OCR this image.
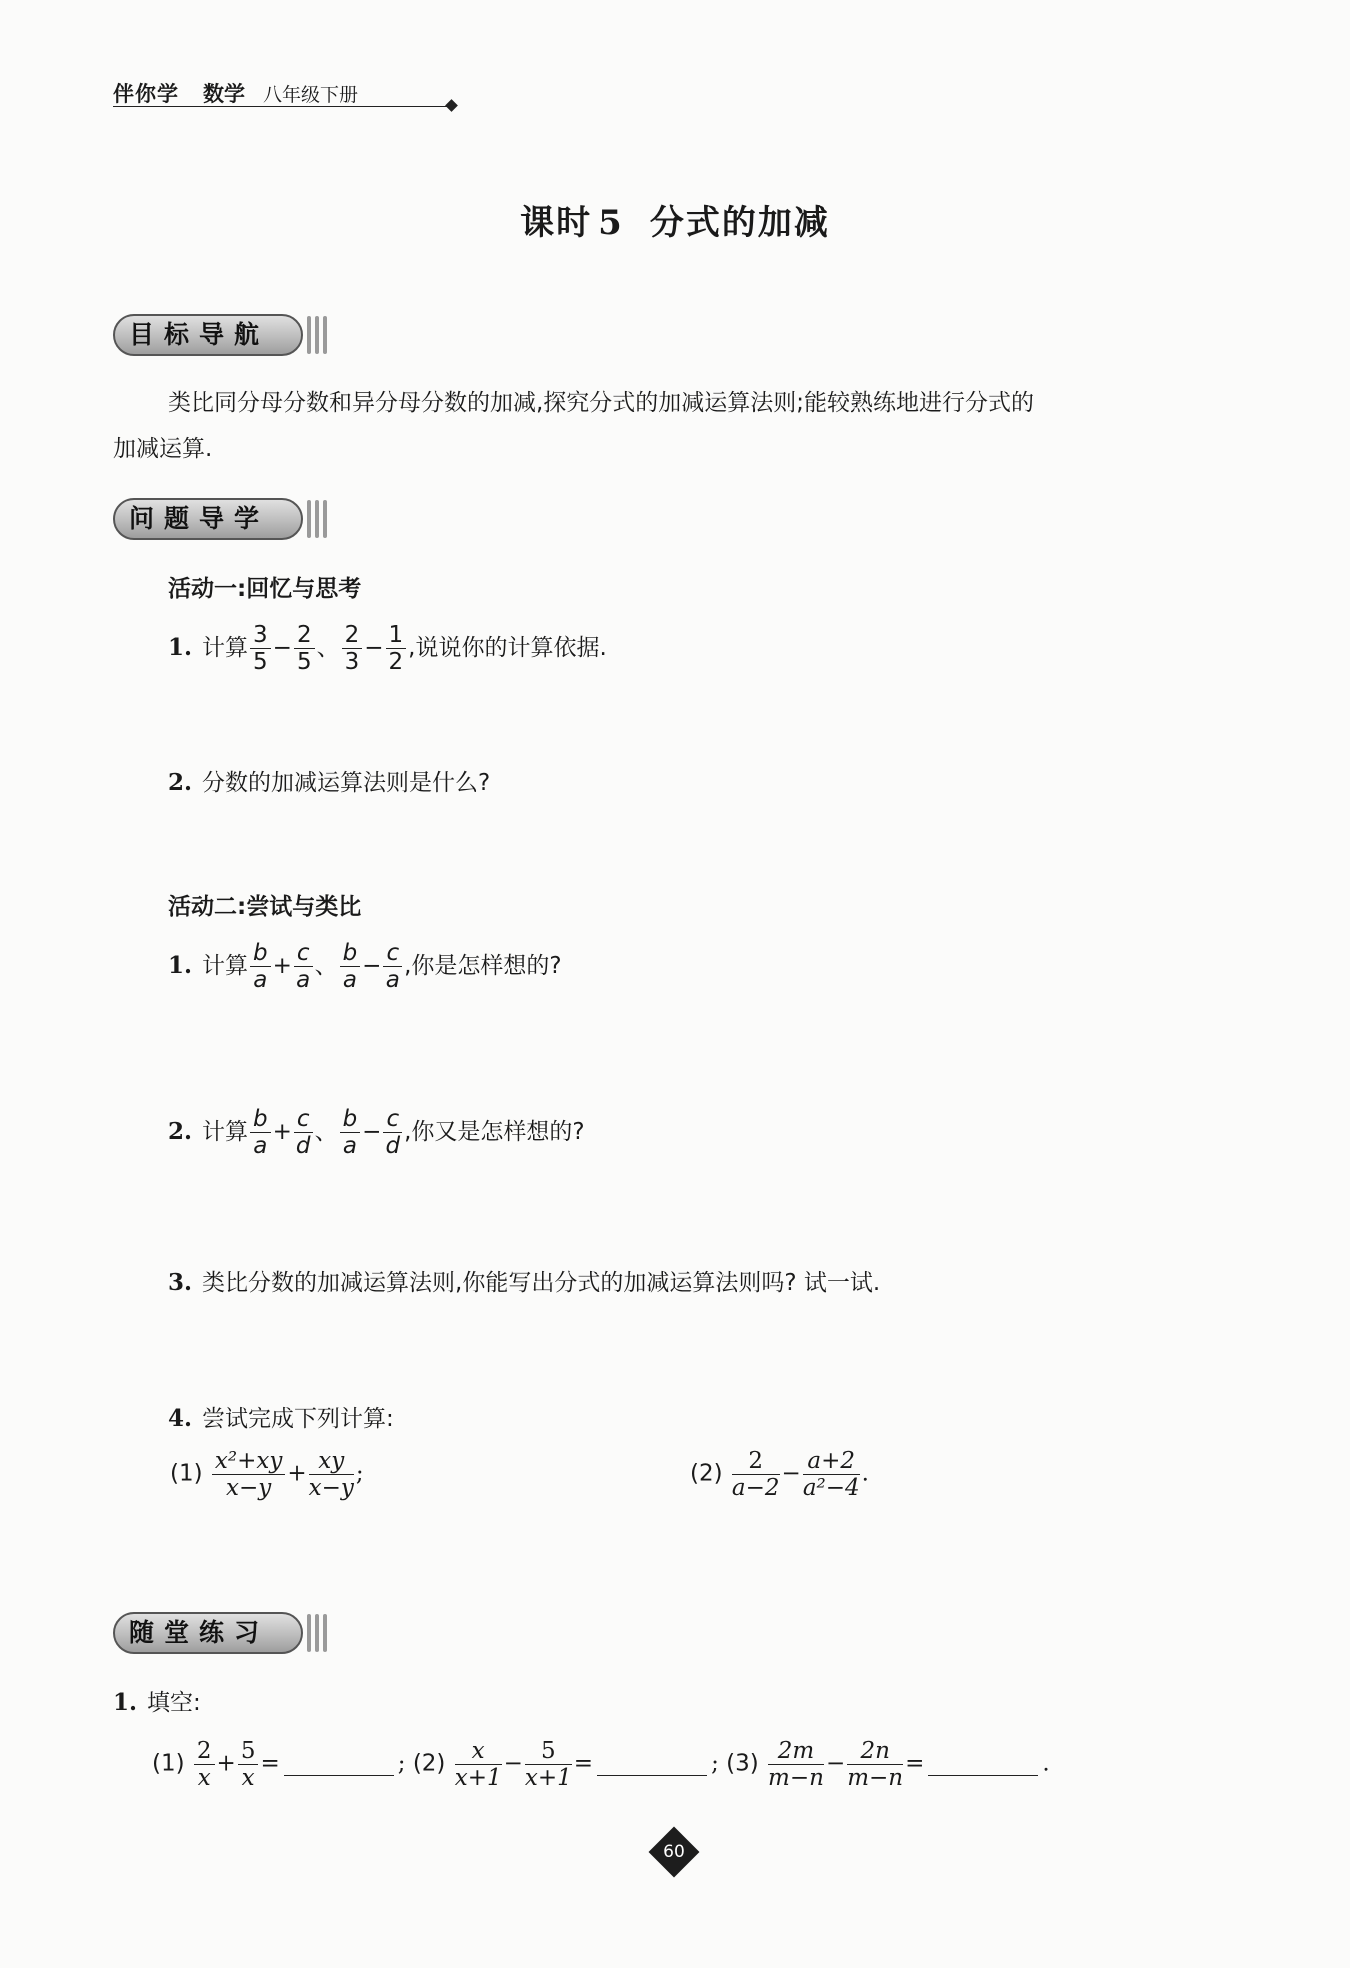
伴你学 数学 八年级下册
课时 5 分式的加减
目标导航
类比同分母分数和异分母分数的加减,探究分式的加减运算法则;能较熟练地进行分式的
加减运算.
问题导学
活动一:回忆与思考
1. 计算 $\frac{3}{5} - \frac{2}{5}$ 、 $\frac{2}{3} - \frac{1}{2}$ ,说说你的计算依据.
2. 分数的加减运算法则是什么?
活动二:尝试与类比
1. 计算 $\frac{b}{a} + \frac{c}{a}$ 、 $\frac{b}{a} - \frac{c}{a}$ ,你是怎样想的?
2. 计算 $\frac{b}{a} + \frac{c}{d}$ 、 $\frac{b}{a} - \frac{c}{d}$ ,你又是怎样想的?
3. 类比分数的加减运算法则,你能写出分式的加减运算法则吗? 试一试.
4. 尝试完成下列计算:
$(1) \frac{\text{x²+xy}}{x-y} + \frac{xy}{x-y}$ ;	$(2) \frac{2}{a-2} - \frac{a+2}{\text{a²−4}}$ .
随堂练习
1. 填空:
$(1) \frac{2}{x} + \frac{5}{x}$ =	; $(2) \frac{x}{x+1} - \frac{5}{x+1}$ =	; $(3) \frac{2m}{m-n} - \frac{2n}{m-n}$ =	.
60
